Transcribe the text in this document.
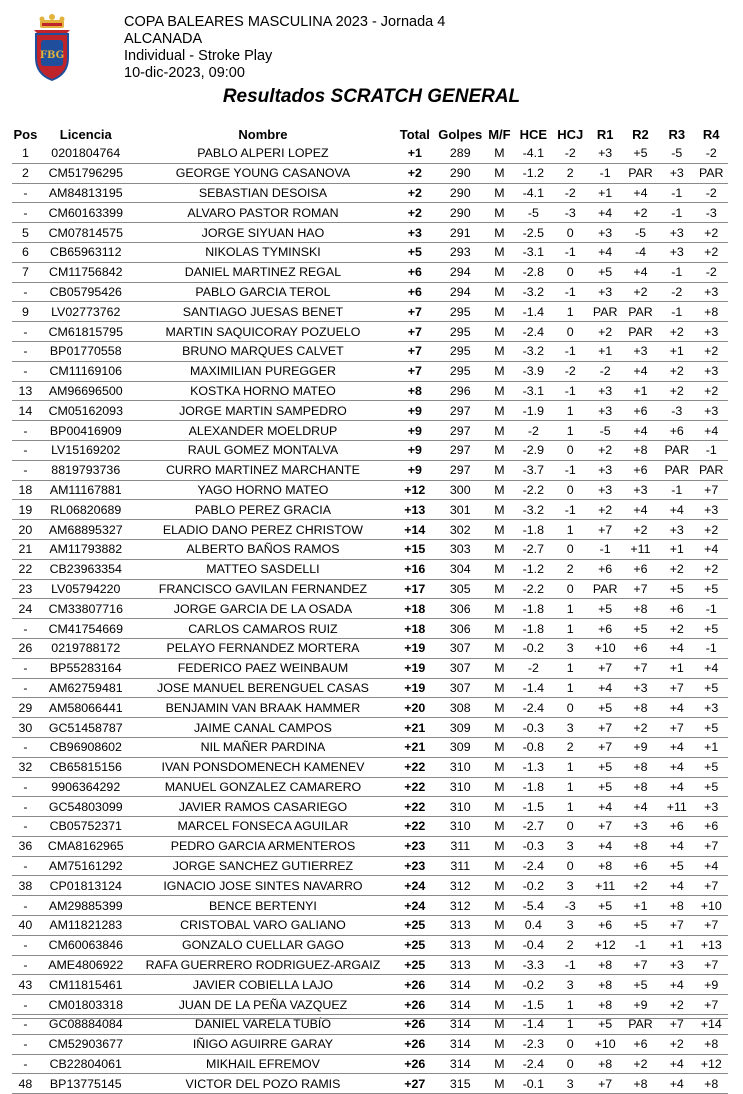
FBG
COPA BALEARES MASCULINA 2023 - Jornada 4
ALCANADA
Individual - Stroke Play
10-dic-2023, 09:00
Resultados SCRATCH GENERAL
Pos	Licencia	Nombre	Total	Golpes	M/F	HCE	HCJ	R1	R2	R3	R4
1	0201804764	PABLO ALPERI LOPEZ	+1	289	M	-4.1	-2	+3	+5	-5	-2
2	CM51796295	GEORGE YOUNG CASANOVA	+2	290	M	-1.2	2	-1	PAR	+3	PAR
-	AM84813195	SEBASTIAN DESOISA	+2	290	M	-4.1	-2	+1	+4	-1	-2
-	CM60163399	ALVARO PASTOR ROMAN	+2	290	M	-5	-3	+4	+2	-1	-3
5	CM07814575	JORGE SIYUAN HAO	+3	291	M	-2.5	0	+3	-5	+3	+2
6	CB65963112	NIKOLAS TYMINSKI	+5	293	M	-3.1	-1	+4	-4	+3	+2
7	CM11756842	DANIEL MARTINEZ REGAL	+6	294	M	-2.8	0	+5	+4	-1	-2
-	CB05795426	PABLO GARCIA TEROL	+6	294	M	-3.2	-1	+3	+2	-2	+3
9	LV02773762	SANTIAGO JUESAS BENET	+7	295	M	-1.4	1	PAR	PAR	-1	+8
-	CM61815795	MARTIN SAQUICORAY POZUELO	+7	295	M	-2.4	0	+2	PAR	+2	+3
-	BP01770558	BRUNO MARQUES CALVET	+7	295	M	-3.2	-1	+1	+3	+1	+2
-	CM11169106	MAXIMILIAN PUREGGER	+7	295	M	-3.9	-2	-2	+4	+2	+3
13	AM96696500	KOSTKA HORNO MATEO	+8	296	M	-3.1	-1	+3	+1	+2	+2
14	CM05162093	JORGE MARTIN SAMPEDRO	+9	297	M	-1.9	1	+3	+6	-3	+3
-	BP00416909	ALEXANDER MOELDRUP	+9	297	M	-2	1	-5	+4	+6	+4
-	LV15169202	RAUL GOMEZ MONTALVA	+9	297	M	-2.9	0	+2	+8	PAR	-1
-	8819793736	CURRO MARTINEZ MARCHANTE	+9	297	M	-3.7	-1	+3	+6	PAR	PAR
18	AM11167881	YAGO HORNO MATEO	+12	300	M	-2.2	0	+3	+3	-1	+7
19	RL06820689	PABLO PEREZ GRACIA	+13	301	M	-3.2	-1	+2	+4	+4	+3
20	AM68895327	ELADIO DANO PEREZ CHRISTOW	+14	302	M	-1.8	1	+7	+2	+3	+2
21	AM11793882	ALBERTO BAÑOS RAMOS	+15	303	M	-2.7	0	-1	+11	+1	+4
22	CB23963354	MATTEO SASDELLI	+16	304	M	-1.2	2	+6	+6	+2	+2
23	LV05794220	FRANCISCO GAVILAN FERNANDEZ	+17	305	M	-2.2	0	PAR	+7	+5	+5
24	CM33807716	JORGE GARCIA DE LA OSADA	+18	306	M	-1.8	1	+5	+8	+6	-1
-	CM41754669	CARLOS CAMAROS RUIZ	+18	306	M	-1.8	1	+6	+5	+2	+5
26	0219788172	PELAYO FERNANDEZ MORTERA	+19	307	M	-0.2	3	+10	+6	+4	-1
-	BP55283164	FEDERICO PAEZ WEINBAUM	+19	307	M	-2	1	+7	+7	+1	+4
-	AM62759481	JOSE MANUEL BERENGUEL CASAS	+19	307	M	-1.4	1	+4	+3	+7	+5
29	AM58066441	BENJAMIN VAN BRAAK HAMMER	+20	308	M	-2.4	0	+5	+8	+4	+3
30	GC51458787	JAIME CANAL CAMPOS	+21	309	M	-0.3	3	+7	+2	+7	+5
-	CB96908602	NIL MAÑER PARDINA	+21	309	M	-0.8	2	+7	+9	+4	+1
32	CB65815156	IVAN PONSDOMENECH KAMENEV	+22	310	M	-1.3	1	+5	+8	+4	+5
-	9906364292	MANUEL GONZALEZ CAMARERO	+22	310	M	-1.8	1	+5	+8	+4	+5
-	GC54803099	JAVIER RAMOS CASARIEGO	+22	310	M	-1.5	1	+4	+4	+11	+3
-	CB05752371	MARCEL FONSECA AGUILAR	+22	310	M	-2.7	0	+7	+3	+6	+6
36	CMA8162965	PEDRO GARCIA ARMENTEROS	+23	311	M	-0.3	3	+4	+8	+4	+7
-	AM75161292	JORGE SANCHEZ GUTIERREZ	+23	311	M	-2.4	0	+8	+6	+5	+4
38	CP01813124	IGNACIO JOSE SINTES NAVARRO	+24	312	M	-0.2	3	+11	+2	+4	+7
-	AM29885399	BENCE BERTENYI	+24	312	M	-5.4	-3	+5	+1	+8	+10
40	AM11821283	CRISTOBAL VARO GALIANO	+25	313	M	0.4	3	+6	+5	+7	+7
-	CM60063846	GONZALO CUELLAR GAGO	+25	313	M	-0.4	2	+12	-1	+1	+13
-	AME4806922	RAFA GUERRERO RODRIGUEZ-ARGAIZ	+25	313	M	-3.3	-1	+8	+7	+3	+7
43	CM11815461	JAVIER COBIELLA LAJO	+26	314	M	-0.2	3	+8	+5	+4	+9
-	CM01803318	JUAN DE LA PEÑA VAZQUEZ	+26	314	M	-1.5	1	+8	+9	+2	+7
-	GC08884084	DANIEL VARELA TUBÍO	+26	314	M	-1.4	1	+5	PAR	+7	+14
-	CM52903677	IÑIGO AGUIRRE GARAY	+26	314	M	-2.3	0	+10	+6	+2	+8
-	CB22804061	MIKHAIL EFREMOV	+26	314	M	-2.4	0	+8	+2	+4	+12
48	BP13775145	VICTOR DEL POZO RAMIS	+27	315	M	-0.1	3	+7	+8	+4	+8
